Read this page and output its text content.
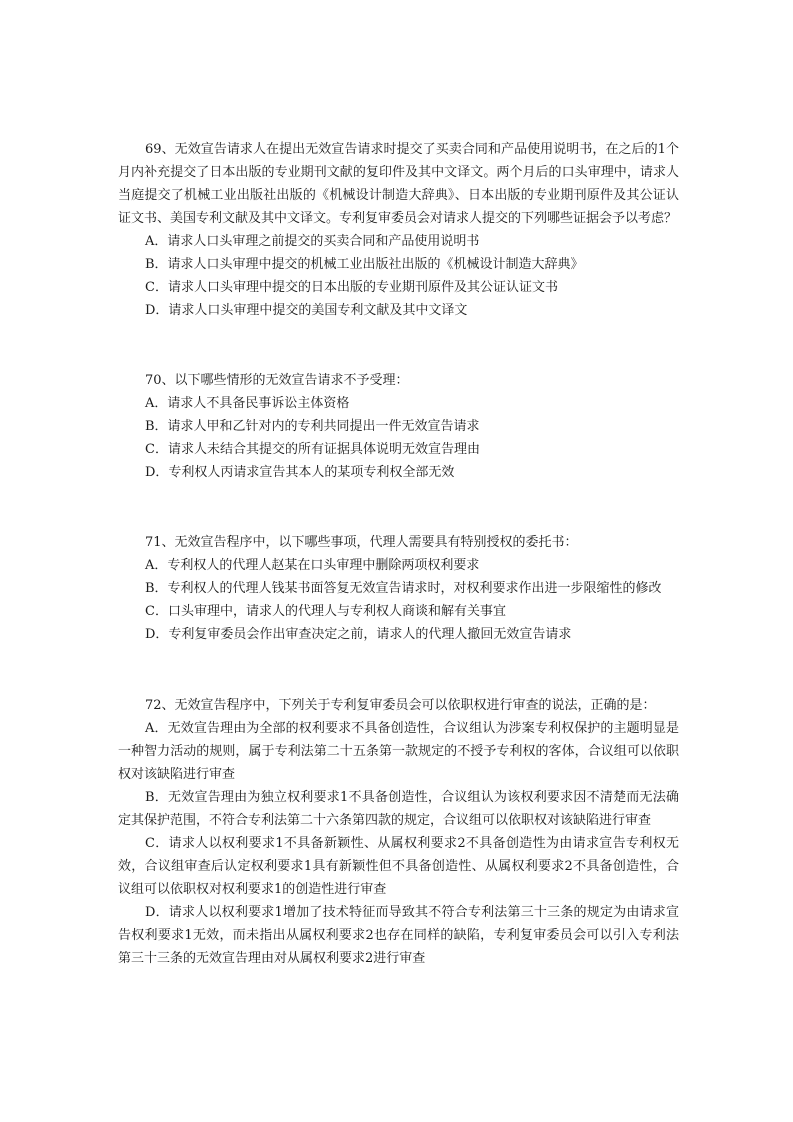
69、无效宣告请求人在提出无效宣告请求时提交了买卖合同和产品使用说明书，在之后的1个月内补充提交了日本出版的专业期刊文献的复印件及其中文译文。两个月后的口头审理中，请求人当庭提交了机械工业出版社出版的《机械设计制造大辞典》、日本出版的专业期刊原件及其公证认证文书、美国专利文献及其中文译文。专利复审委员会对请求人提交的下列哪些证据会予以考虑？

A．请求人口头审理之前提交的买卖合同和产品使用说明书

B．请求人口头审理中提交的机械工业出版社出版的《机械设计制造大辞典》

C．请求人口头审理中提交的日本出版的专业期刊原件及其公证认证文书

D．请求人口头审理中提交的美国专利文献及其中文译文

70、以下哪些情形的无效宣告请求不予受理：

A．请求人不具备民事诉讼主体资格

B．请求人甲和乙针对内的专利共同提出一件无效宣告请求

C．请求人未结合其提交的所有证据具体说明无效宣告理由

D．专利权人丙请求宣告其本人的某项专利权全部无效

71、无效宣告程序中，以下哪些事项，代理人需要具有特别授权的委托书：

A．专利权人的代理人赵某在口头审理中删除两项权利要求

B．专利权人的代理人钱某书面答复无效宣告请求时，对权利要求作出进一步限缩性的修改

C．口头审理中，请求人的代理人与专利权人商谈和解有关事宜

D．专利复审委员会作出审查决定之前，请求人的代理人撤回无效宣告请求

72、无效宣告程序中，下列关于专利复审委员会可以依职权进行审查的说法，正确的是：

A．无效宣告理由为全部的权利要求不具备创造性，合议组认为涉案专利权保护的主题明显是一种智力活动的规则，属于专利法第二十五条第一款规定的不授予专利权的客体，合议组可以依职权对该缺陷进行审查

B．无效宣告理由为独立权利要求1不具备创造性，合议组认为该权利要求因不清楚而无法确定其保护范围，不符合专利法第二十六条第四款的规定，合议组可以依职权对该缺陷进行审查

C．请求人以权利要求1不具备新颖性、从属权利要求2不具备创造性为由请求宣告专利权无效，合议组审查后认定权利要求1具有新颖性但不具备创造性、从属权利要求2不具备创造性，合议组可以依职权对权利要求1的创造性进行审查

D．请求人以权利要求1增加了技术特征而导致其不符合专利法第三十三条的规定为由请求宣告权利要求1无效，而未指出从属权利要求2也存在同样的缺陷，专利复审委员会可以引入专利法第三十三条的无效宣告理由对从属权利要求2进行审查
